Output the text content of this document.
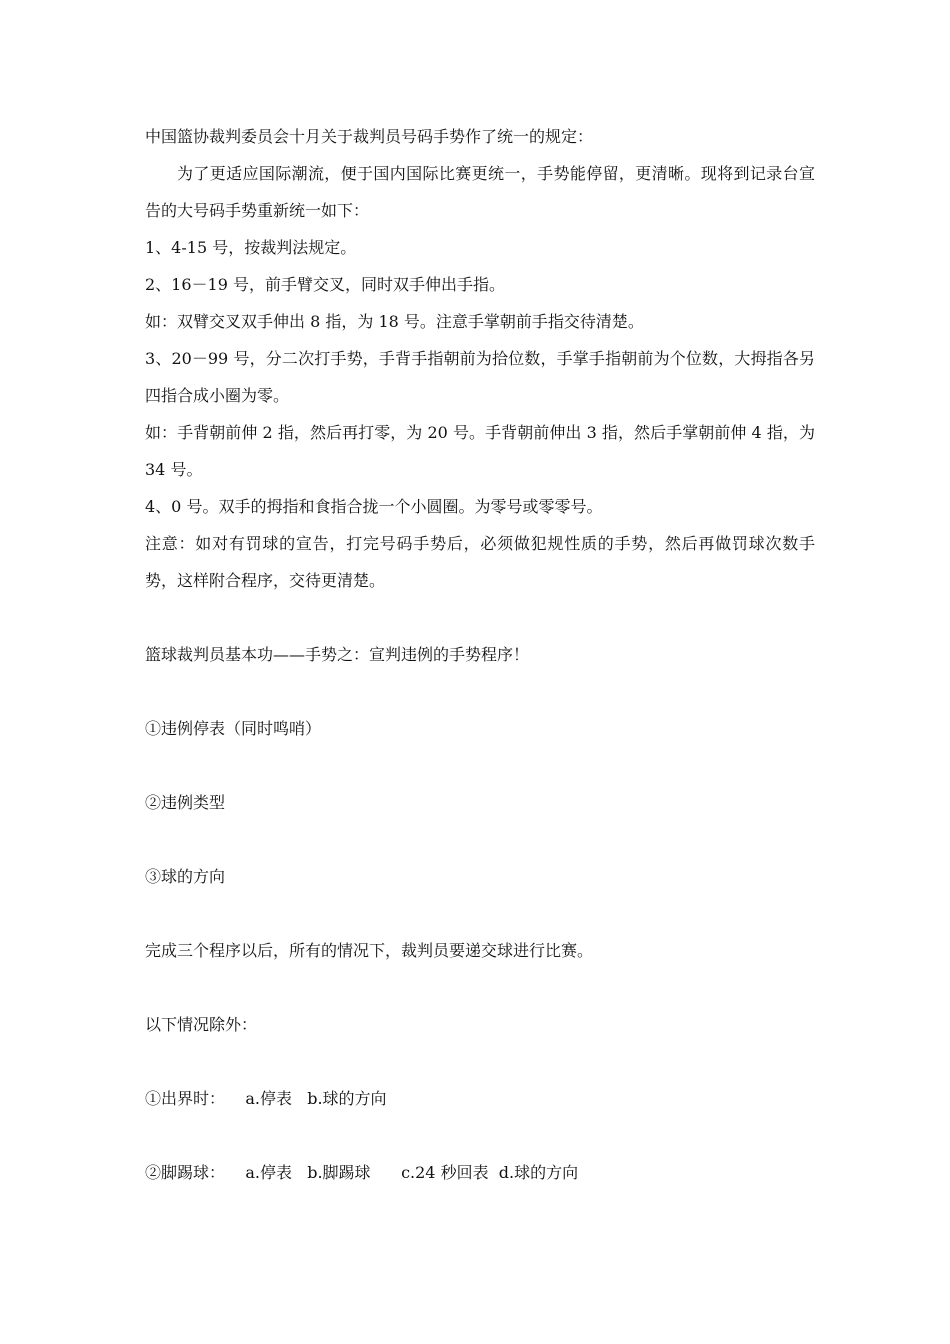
中国篮协裁判委员会十月关于裁判员号码手势作了统一的规定：

为了更适应国际潮流，便于国内国际比赛更统一，手势能停留，更清晰。现将到记录台宣告的大号码手势重新统一如下：

1、4-15 号，按裁判法规定。

2、16－19 号，前手臂交叉，同时双手伸出手指。

如：双臂交叉双手伸出 8 指，为 18 号。注意手掌朝前手指交待清楚。

3、20－99 号，分二次打手势，手背手指朝前为拾位数，手掌手指朝前为个位数，大拇指各另四指合成小圈为零。

如：手背朝前伸 2 指，然后再打零，为 20 号。手背朝前伸出 3 指，然后手掌朝前伸 4 指，为 34 号。

4、0 号。双手的拇指和食指合拢一个小圆圈。为零号或零零号。

注意：如对有罚球的宣告，打完号码手势后，必须做犯规性质的手势，然后再做罚球次数手势，这样附合程序，交待更清楚。

篮球裁判员基本功——手势之：宣判违例的手势程序！

①违例停表（同时鸣哨）

②违例类型

③球的方向

完成三个程序以后，所有的情况下，裁判员要递交球进行比赛。

以下情况除外：

①出界时：    a.停表   b.球的方向

②脚踢球：    a.停表   b.脚踢球      c.24 秒回表  d.球的方向
